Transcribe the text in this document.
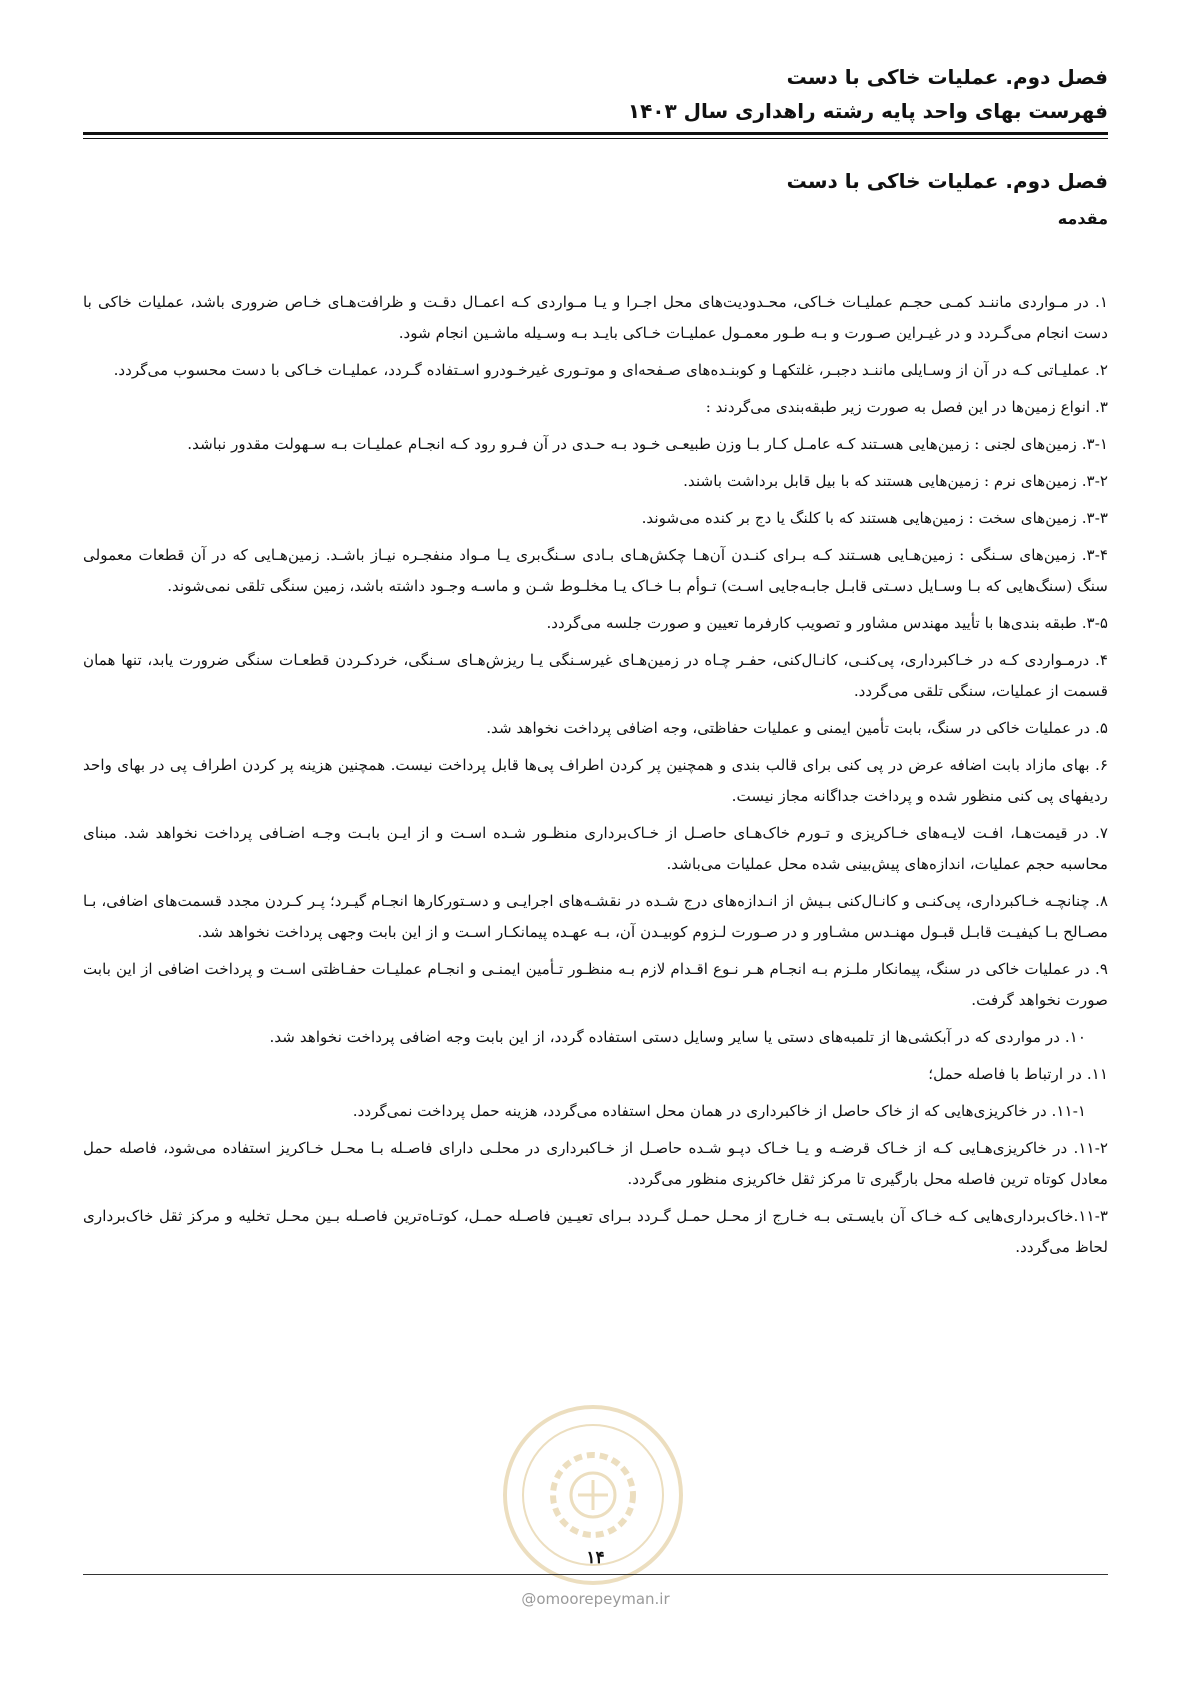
فصل دوم. عملیات خاکی با دست
فهرست بهای واحد پایه رشته راهداری سال ۱۴۰۳
فصل دوم. عملیات خاکی با دست
مقدمه

۱. در مـواردی ماننـد کمـی حجـم عملیـات خـاکی، محـدودیت‌های محل اجـرا و یـا مـواردی کـه اعمـال دقـت و ظرافت‌هـای خـاص ضروری باشد، عملیات خاکی با دست انجام می‌گـردد و در غیـراین صـورت و بـه طـور معمـول عملیـات خـاکی بایـد بـه وسـیله ماشـین انجام شود.

۲. عملیـاتی کـه در آن از وسـایلی ماننـد دجبـر، غلتکهـا و کوبنـده‌های صـفحه‌ای و موتـوری غیرخـودرو اسـتفاده گـردد، عملیـات خـاکی با دست محسوب می‌گردد.

۳. انواع زمین‌ها در این فصل به صورت زیر طبقه‌بندی می‌گردند :

۳-۱. زمین‌های لجنی : زمین‌هایی هسـتند کـه عامـل کـار بـا وزن طبیعـی خـود بـه حـدی در آن فـرو رود کـه انجـام عملیـات بـه سـهولت مقدور نباشد.

۳-۲. زمین‌های نرم : زمین‌هایی هستند که با بیل قابل برداشت باشند.

۳-۳. زمین‌های سخت : زمین‌هایی هستند که با کلنگ یا دج بر کنده می‌شوند.

۳-۴. زمین‌های سـنگی : زمین‌هـایی هسـتند کـه بـرای کنـدن آن‌هـا چکش‌هـای بـادی سـنگ‌بری یـا مـواد منفجـره نیـاز باشـد. زمین‌هـایی که در آن قطعات معمولی سنگ (سنگ‌هایی که بـا وسـایل دسـتی قابـل جابـه‌جایی اسـت) تـوأم بـا خـاک یـا مخلـوط شـن و ماسـه وجـود داشته باشد، زمین سنگی تلقی نمی‌شوند.

۳-۵. طبقه بندی‌ها با تأیید مهندس مشاور و تصویب کارفرما تعیین و صورت جلسه می‌گردد.

۴. درمـواردی کـه در خـاکبرداری، پی‌کنـی، کانـال‌کنی، حفـر چـاه در زمین‌هـای غیرسـنگی یـا ریزش‌هـای سـنگی، خردکـردن قطعـات سنگی ضرورت یابد، تنها همان قسمت از عملیات، سنگی تلقی می‌گردد.

۵. در عملیات خاکی در سنگ، بابت تأمین ایمنی و عملیات حفاظتی، وجه اضافی پرداخت نخواهد شد.

۶. بهای مازاد بابت اضافه عرض در پی کنی برای قالب بندی و همچنین پر کردن اطراف پی‌ها قابل پرداخت نیست. همچنین هزینه پر کردن اطراف پی در بهای واحد ردیفهای پی کنی منظور شده و پرداخت جداگانه مجاز نیست.

۷. در قیمت‌هـا، افـت لایـه‌های خـاکریزی و تـورم خاک‌هـای حاصـل از خـاک‌برداری منظـور شـده اسـت و از ایـن بابـت وجـه اضـافی پرداخت نخواهد شد. مبنای محاسبه حجم عملیات، اندازه‌های پیش‌بینی شده محل عملیات می‌باشد.

۸. چنانچـه خـاکبرداری، پی‌کنـی و کانـال‌کنی بـیش از انـدازه‌های درج شـده در نقشـه‌های اجرایـی و دسـتورکارها انجـام گیـرد؛ پـر کـردن مجدد قسمت‌های اضافی، بـا مصـالح بـا کیفیـت قابـل قبـول مهنـدس مشـاور و در صـورت لـزوم کوبیـدن آن، بـه عهـده پیمانکـار اسـت و از این بابت وجهی پرداخت نخواهد شد.

۹. در عملیات خاکی در سنگ، پیمانکار ملـزم بـه انجـام هـر نـوع اقـدام لازم بـه منظـور تـأمین ایمنـی و انجـام عملیـات حفـاظتی اسـت و پرداخت اضافی از این بابت صورت نخواهد گرفت.

۱۰. در مواردی که در آبکشی‌ها از تلمبه‌های دستی یا سایر وسایل دستی استفاده گردد، از این بابت وجه اضافی پرداخت نخواهد شد.

۱۱. در ارتباط با فاصله حمل؛

۱۱-۱. در خاکریزی‌هایی که از خاک حاصل از خاکبرداری در همان محل استفاده می‌گردد، هزینه حمل پرداخت نمی‌گردد.

۱۱-۲. در خاکریزی‌هـایی کـه از خـاک قرضـه و یـا خـاک دپـو شـده حاصـل از خـاکبرداری در محلـی دارای فاصـله بـا محـل خـاکریز استفاده می‌شود، فاصله حمل معادل کوتاه ترین فاصله محل بارگیری تا مرکز ثقل خاکریزی منظور می‌گردد.

۱۱-۳.خاک‌برداری‌هایی کـه خـاک آن بایسـتی بـه خـارج از محـل حمـل گـردد بـرای تعیـین فاصـله حمـل، کوتـاه‌ترین فاصـله بـین محـل تخلیه و مرکز ثقل خاک‌برداری لحاظ می‌گردد.

۱۴
@omoorepeyman.ir
